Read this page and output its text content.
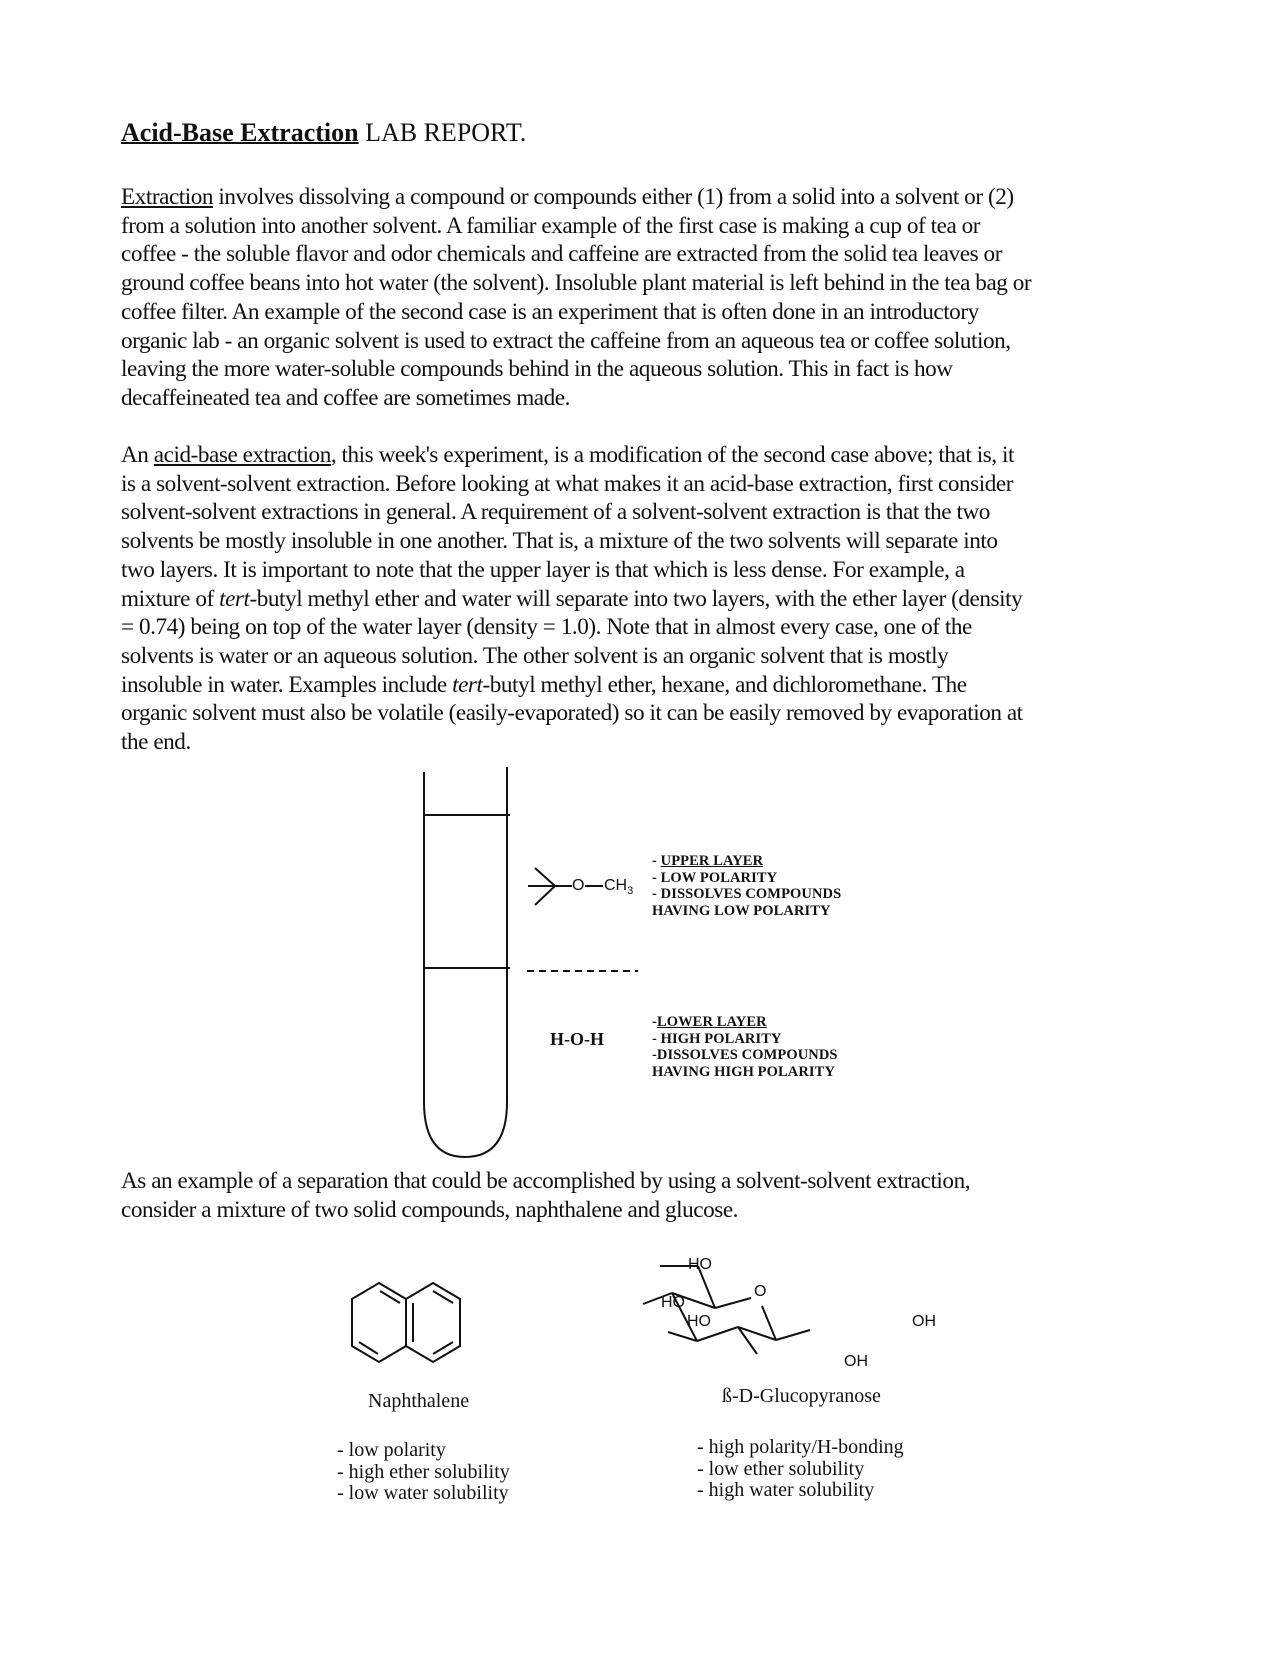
Acid-Base Extraction LAB REPORT.
Extraction involves dissolving a compound or compounds either (1) from a solid into a solvent or (2)
from a solution into another solvent. A familiar example of the first case is making a cup of tea or
coffee - the soluble flavor and odor chemicals and caffeine are extracted from the solid tea leaves or
ground coffee beans into hot water (the solvent). Insoluble plant material is left behind in the tea bag or
coffee filter. An example of the second case is an experiment that is often done in an introductory
organic lab - an organic solvent is used to extract the caffeine from an aqueous tea or coffee solution,
leaving the more water-soluble compounds behind in the aqueous solution. This in fact is how
decaffeineated tea and coffee are sometimes made.
An acid-base extraction, this week's experiment, is a modification of the second case above; that is, it
is a solvent-solvent extraction. Before looking at what makes it an acid-base extraction, first consider
solvent-solvent extractions in general. A requirement of a solvent-solvent extraction is that the two
solvents be mostly insoluble in one another. That is, a mixture of the two solvents will separate into
two layers. It is important to note that the upper layer is that which is less dense. For example, a
mixture of tert-butyl methyl ether and water will separate into two layers, with the ether layer (density
= 0.74) being on top of the water layer (density = 1.0). Note that in almost every case, one of the
solvents is water or an aqueous solution. The other solvent is an organic solvent that is mostly
insoluble in water. Examples include tert-butyl methyl ether, hexane, and dichloromethane. The
organic solvent must also be volatile (easily-evaporated) so it can be easily removed by evaporation at
the end.
O $CH_3$
- UPPER LAYER
- LOW POLARITY
- DISSOLVES COMPOUNDS
HAVING LOW POLARITY
H-O-H
-LOWER LAYER
- HIGH POLARITY
-DISSOLVES COMPOUNDS
HAVING HIGH POLARITY
As an example of a separation that could be accomplished by using a solvent-solvent extraction,
consider a mixture of two solid compounds, naphthalene and glucose.
HO
HO
HO
O
OH
OH
Naphthalene	ß-D-Glucopyranose
- low polarity
- high ether solubility
- low water solubility
- high polarity/H-bonding
- low ether solubility
- high water solubility
